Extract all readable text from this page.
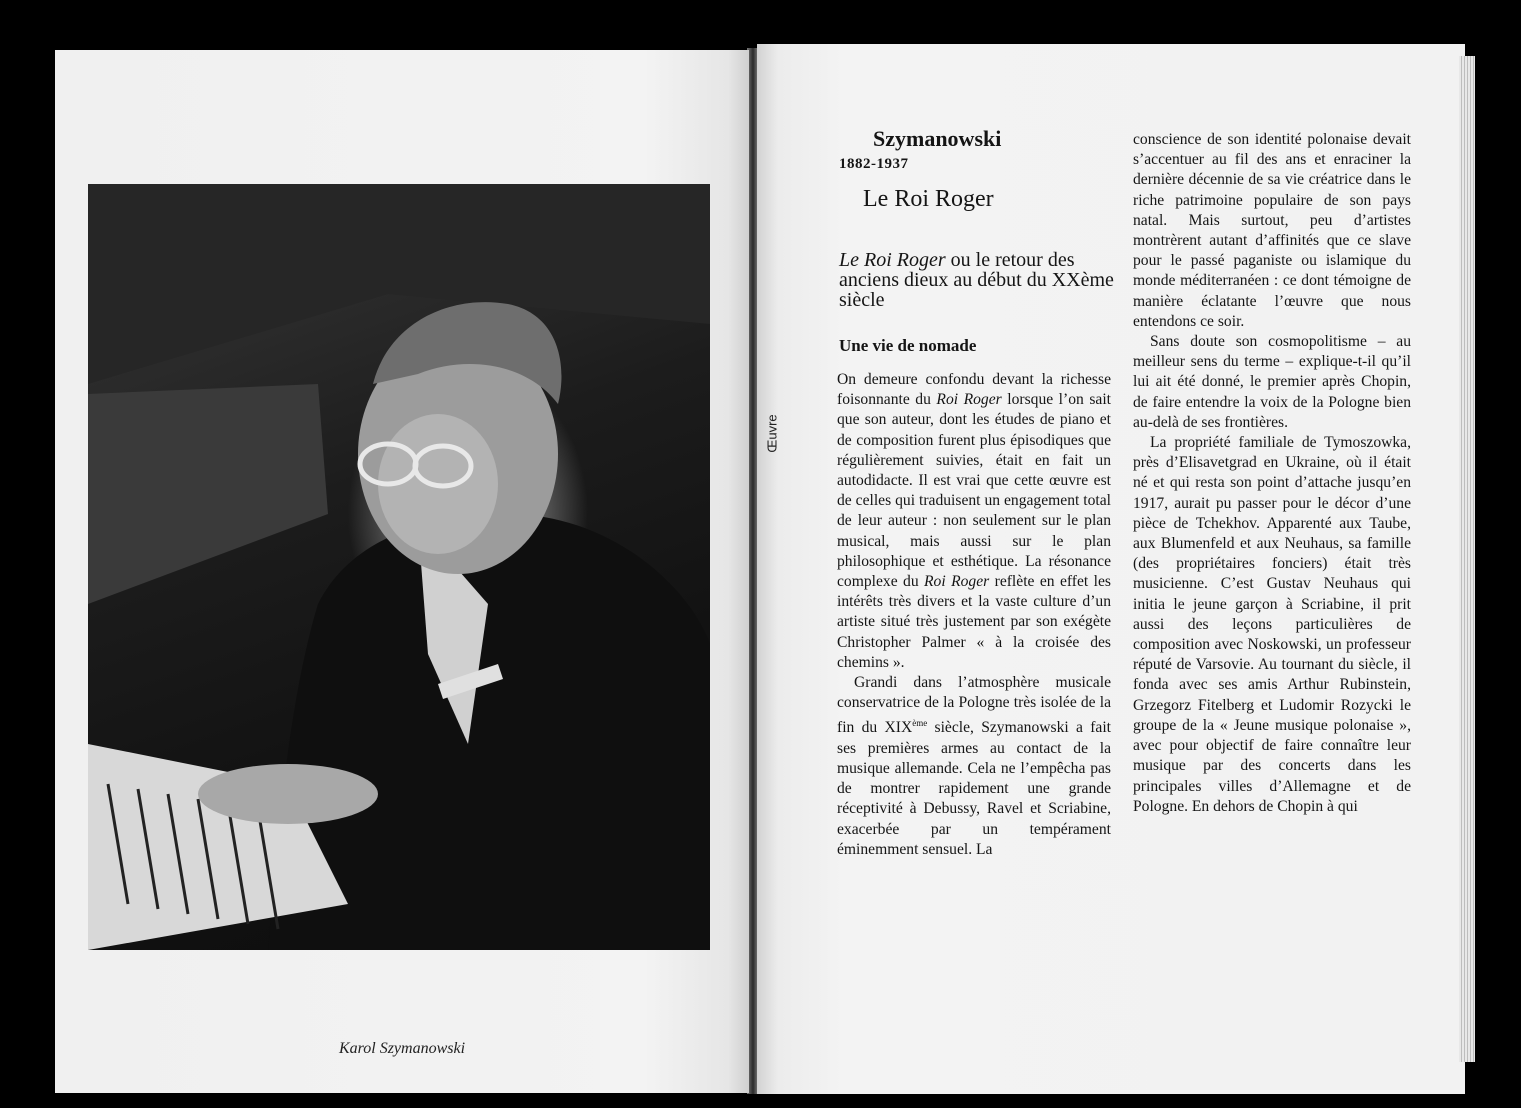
Karol Szymanowski
Œuvre
Szymanowski
1882-1937
Le Roi Roger
Le Roi Roger ou le retour des anciens dieux au début du XXème siècle
Une vie de nomade

On demeure confondu devant la richesse foisonnante du Roi Roger lorsque l’on sait que son auteur, dont les études de piano et de composition furent plus épisodiques que régulièrement suivies, était en fait un autodidacte. Il est vrai que cette œuvre est de celles qui traduisent un engagement total de leur auteur : non seulement sur le plan musical, mais aussi sur le plan philosophique et esthétique. La résonance complexe du Roi Roger reflète en effet les intérêts très divers et la vaste culture d’un artiste situé très justement par son exégète Christopher Palmer « à la croisée des chemins ».

Grandi dans l’atmosphère musicale conservatrice de la Pologne très isolée de la fin du XIXème siècle, Szymanowski a fait ses premières armes au contact de la musique allemande. Cela ne l’empêcha pas de montrer rapidement une grande réceptivité à Debussy, Ravel et Scriabine, exacerbée par un tempérament éminemment sensuel. La

conscience de son identité polonaise devait s’accentuer au fil des ans et enraciner la dernière décennie de sa vie créatrice dans le riche patrimoine populaire de son pays natal. Mais surtout, peu d’artistes montrèrent autant d’affinités que ce slave pour le passé paganiste ou islamique du monde méditerranéen : ce dont témoigne de manière éclatante l’œuvre que nous entendons ce soir.

Sans doute son cosmopolitisme – au meilleur sens du terme – explique-t-il qu’il lui ait été donné, le premier après Chopin, de faire entendre la voix de la Pologne bien au-delà de ses frontières.

La propriété familiale de Tymoszowka, près d’Elisavetgrad en Ukraine, où il était né et qui resta son point d’attache jusqu’en 1917, aurait pu passer pour le décor d’une pièce de Tchekhov. Apparenté aux Taube, aux Blumenfeld et aux Neuhaus, sa famille (des propriétaires fonciers) était très musicienne. C’est Gustav Neuhaus qui initia le jeune garçon à Scriabine, il prit aussi des leçons particulières de composition avec Noskowski, un professeur réputé de Varsovie. Au tournant du siècle, il fonda avec ses amis Arthur Rubinstein, Grzegorz Fitelberg et Ludomir Rozycki le groupe de la « Jeune musique polonaise », avec pour objectif de faire connaître leur musique par des concerts dans les principales villes d’Allemagne et de Pologne. En dehors de Chopin à qui
